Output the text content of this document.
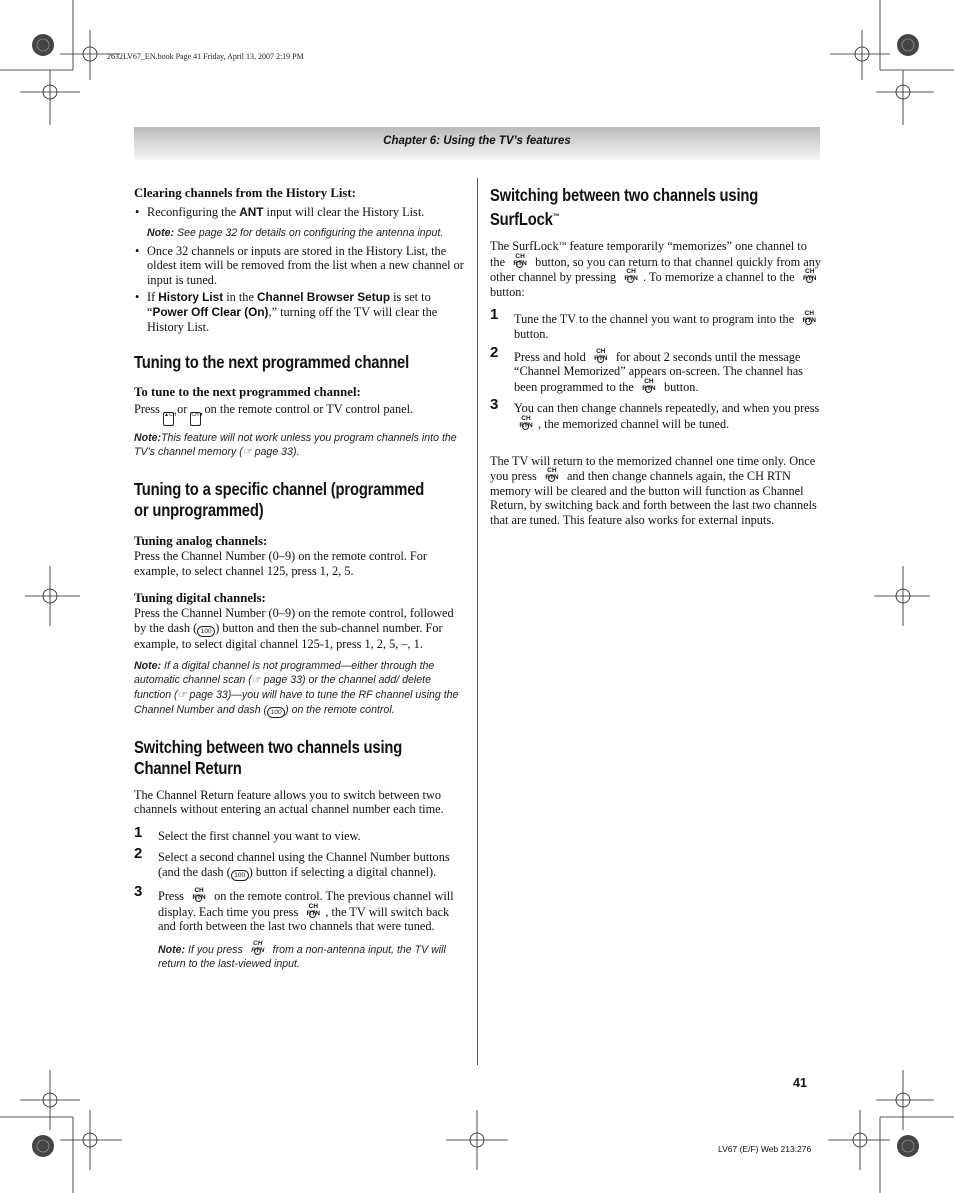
2632LV67_EN.book Page 41 Friday, April 13, 2007 2:19 PM
Chapter 6: Using the TV’s features
Clearing channels from the History List:

• Reconfiguring the ANT input will clear the History List.

Note: See page 32 for details on configuring the antenna input.

• Once 32 channels or inputs are stored in the History List, the oldest item will be removed from the list when a new channel or input is tuned.

• If History List in the Channel Browser Setup is set to “Power Off Clear (On),” turning off the TV will clear the History List.

Tuning to the next programmed channel
To tune to the next programmed channel:

Press ▲CH or CH▼ on the remote control or TV control panel.

Note:This feature will not work unless you program channels into the TV’s channel memory (☞ page 33).

Tuning to a specific channel (programmed
or unprogrammed)
Tuning analog channels:

Press the Channel Number (0–9) on the remote control. For example, to select channel 125, press 1, 2, 5.

Tuning digital channels:

Press the Channel Number (0–9) on the remote control, followed by the dash ( 100 ) button and then the sub-channel number. For example, to select digital channel 125-1, press 1, 2, 5, –, 1.

Note: If a digital channel is not programmed—either through the automatic channel scan (☞ page 33) or the channel add/ delete function (☞ page 33)—you will have to tune the RF channel using the Channel Number and dash ( 100 ) on the remote control.

Switching between two channels using
Channel Return

The Channel Return feature allows you to switch between two channels without entering an actual channel number each time.

1 Select the first channel you want to view.

2 Select a second channel using the Channel Number buttons (and the dash ( 100 ) button if selecting a digital channel).

3 Press	CH RTN on the remote control. The previous channel will display. Each time you press	CH RTN , the TV will switch back and forth between the last two channels that were tuned.

Note: If you press
CH RTN from a non-antenna input, the TV will return to the last-viewed input.

Switching between two channels using
SurfLock™

The SurfLock™ feature temporarily “memorizes” one channel to the	CH RTN button, so you can return to that channel quickly from any other channel by pressing	CH RTN . To memorize a channel to the	CH RTN
button:

1 Tune the TV to the channel you want to program into the	CH RTN
button.

2 Press and hold	CH RTN for about 2 seconds until the message “Channel Memorized” appears on-screen. The channel has been programmed to the	CH RTN button.

3 You can then change channels repeatedly, and when you press
CH RTN , the memorized channel will be tuned.

The TV will return to the memorized channel one time only. Once you press	CH RTN and then change channels again, the CH RTN memory will be cleared and the button will function as Channel Return, by switching back and forth between the last two channels that are tuned. This feature also works for external inputs.

41
LV67 (E/F) Web 213:276
